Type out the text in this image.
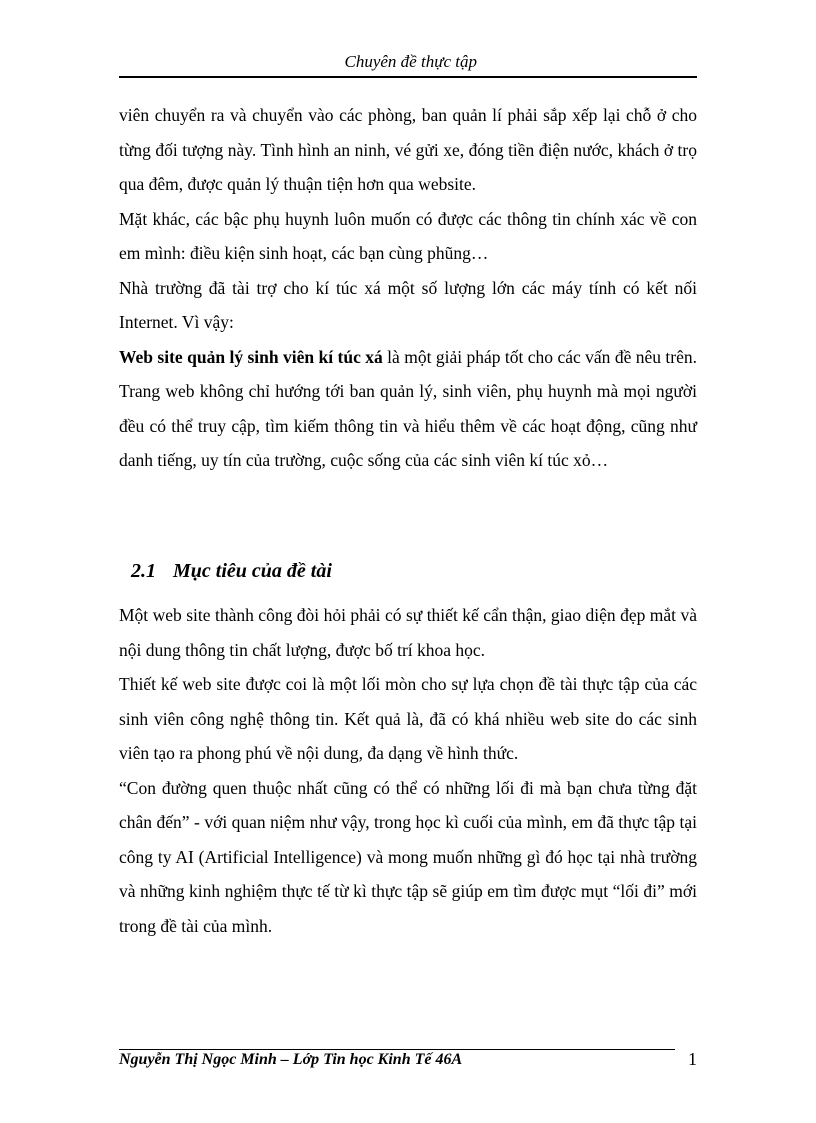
Chuyên đề thực tập

viên chuyển ra và chuyển vào các phòng, ban quản lí phải sắp xếp lại chỗ ở cho từng đối tượng này. Tình hình an ninh, vé gửi xe, đóng tiền điện nước, khách ở trọ qua đêm, được quản lý thuận tiện hơn qua website.

Mặt khác, các bậc phụ huynh luôn muốn có được các thông tin chính xác về con em mình: điều kiện sinh hoạt, các bạn cùng phũng…

Nhà trường đã tài trợ cho kí túc xá một số lượng lớn các máy tính có kết nối Internet. Vì vậy:

Web site quản lý sinh viên kí túc xá là một giải pháp tốt cho các vấn đề nêu trên. Trang web không chỉ hướng tới ban quản lý, sinh viên, phụ huynh mà mọi người đều có thể truy cập, tìm kiếm thông tin và hiểu thêm về các hoạt động, cũng như danh tiếng, uy tín của trường, cuộc sống của các sinh viên kí túc xỏ…

2.1 Mục tiêu của đề tài

Một web site thành công đòi hỏi phải có sự thiết kế cẩn thận, giao diện đẹp mắt và nội dung thông tin chất lượng, được bố trí khoa học.

Thiết kế web site được coi là một lối mòn cho sự lựa chọn đề tài thực tập của các sinh viên công nghệ thông tin. Kết quả là, đã có khá nhiều web site do các sinh viên tạo ra phong phú về nội dung, đa dạng về hình thức.

“Con đường quen thuộc nhất cũng có thể có những lối đi mà bạn chưa từng đặt chân đến” - với quan niệm như vậy, trong học kì cuối của mình, em đã thực tập tại công ty AI (Artificial Intelligence) và mong muốn những gì đó học tại nhà trường và những kinh nghiệm thực tế từ kì thực tập sẽ giúp em tìm được mụt “lối đi” mới trong đề tài của mình.

Nguyễn Thị Ngọc Minh – Lớp Tin học Kinh Tế 46A	1
